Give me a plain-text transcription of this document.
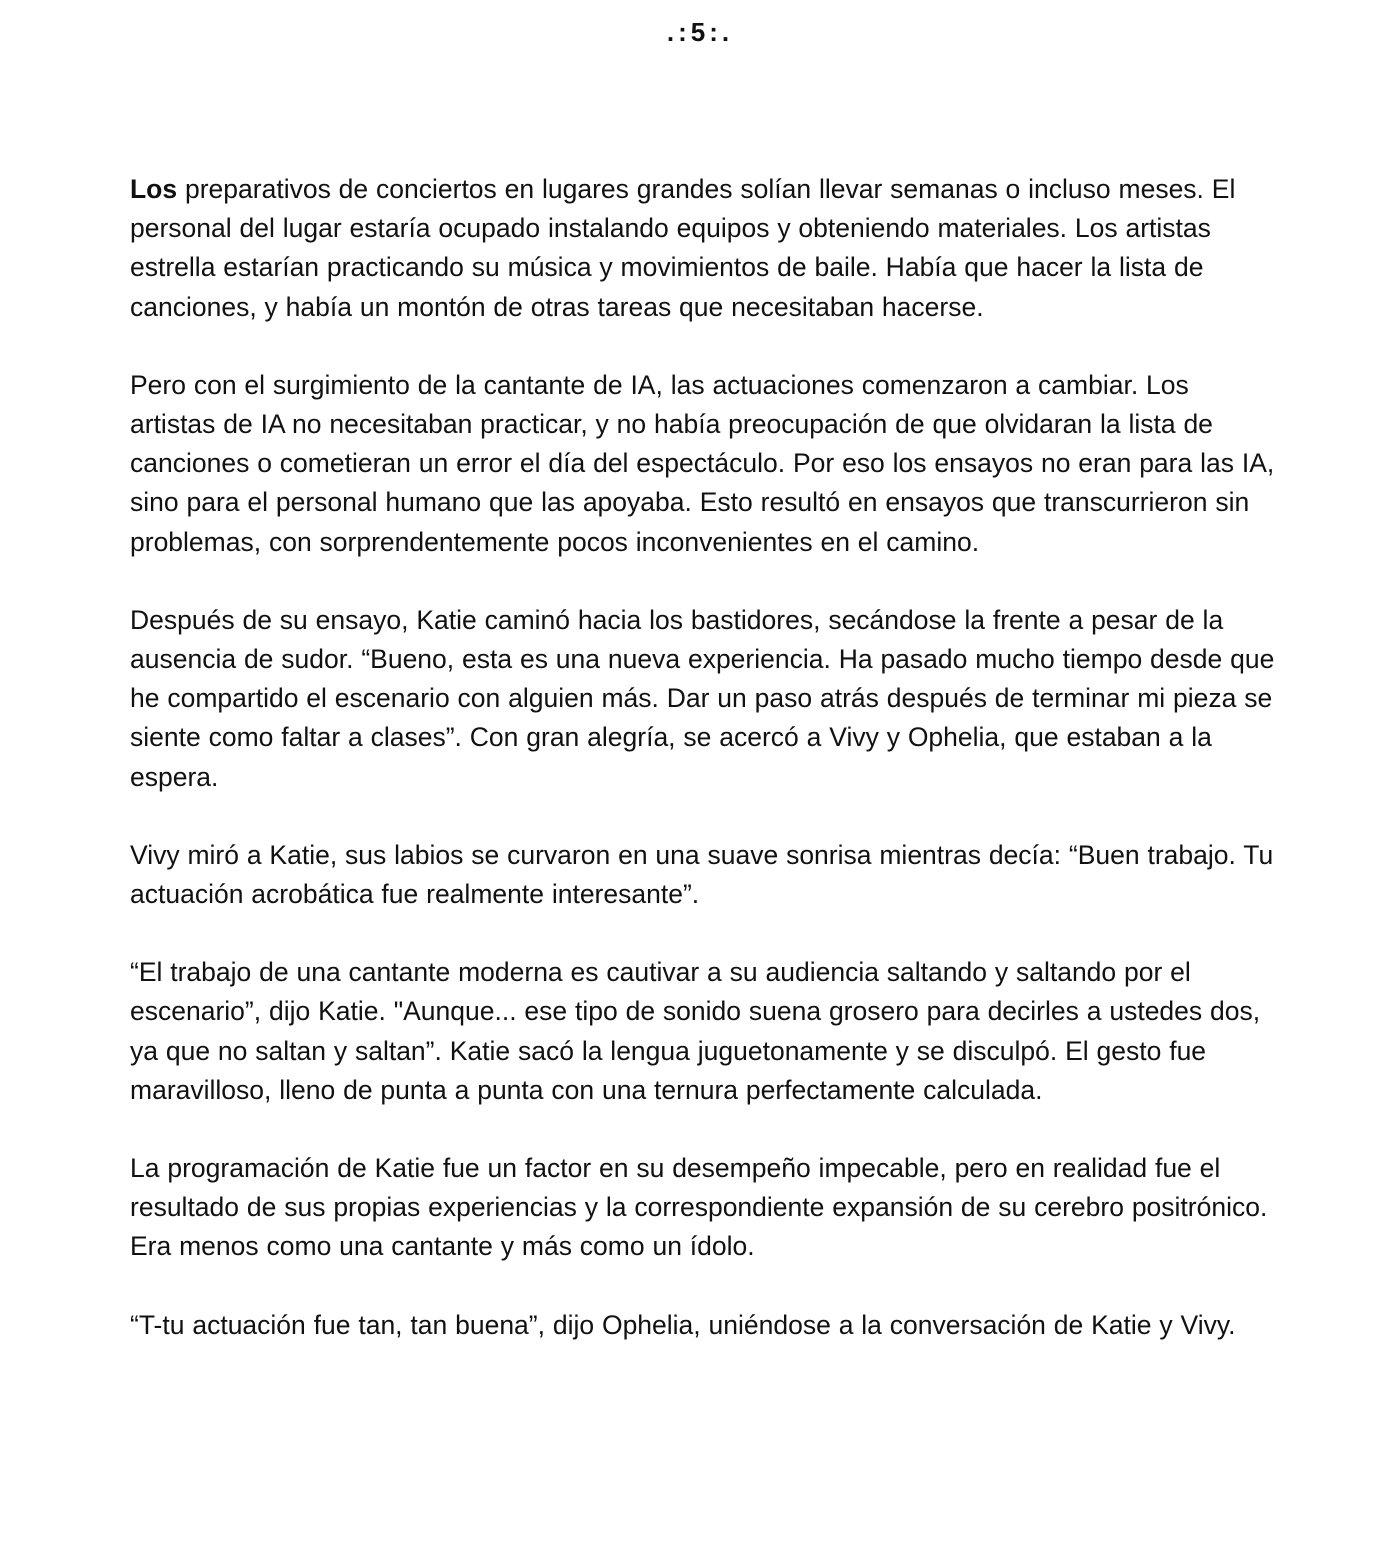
.:5:.

Los preparativos de conciertos en lugares grandes solían llevar semanas o incluso meses. El personal del lugar estaría ocupado instalando equipos y obteniendo materiales. Los artistas estrella estarían practicando su música y movimientos de baile. Había que hacer la lista de canciones, y había un montón de otras tareas que necesitaban hacerse.

Pero con el surgimiento de la cantante de IA, las actuaciones comenzaron a cambiar. Los artistas de IA no necesitaban practicar, y no había preocupación de que olvidaran la lista de canciones o cometieran un error el día del espectáculo. Por eso los ensayos no eran para las IA, sino para el personal humano que las apoyaba. Esto resultó en ensayos que transcurrieron sin problemas, con sorprendentemente pocos inconvenientes en el camino.

Después de su ensayo, Katie caminó hacia los bastidores, secándose la frente a pesar de la ausencia de sudor. “Bueno, esta es una nueva experiencia. Ha pasado mucho tiempo desde que he compartido el escenario con alguien más. Dar un paso atrás después de terminar mi pieza se siente como faltar a clases”. Con gran alegría, se acercó a Vivy y Ophelia, que estaban a la espera.

Vivy miró a Katie, sus labios se curvaron en una suave sonrisa mientras decía: “Buen trabajo. Tu actuación acrobática fue realmente interesante”.

“El trabajo de una cantante moderna es cautivar a su audiencia saltando y saltando por el escenario”, dijo Katie. "Aunque... ese tipo de sonido suena grosero para decirles a ustedes dos, ya que no saltan y saltan”. Katie sacó la lengua juguetonamente y se disculpó. El gesto fue maravilloso, lleno de punta a punta con una ternura perfectamente calculada.

La programación de Katie fue un factor en su desempeño impecable, pero en realidad fue el resultado de sus propias experiencias y la correspondiente expansión de su cerebro positrónico. Era menos como una cantante y más como un ídolo.

“T-tu actuación fue tan, tan buena”, dijo Ophelia, uniéndose a la conversación de Katie y Vivy.
